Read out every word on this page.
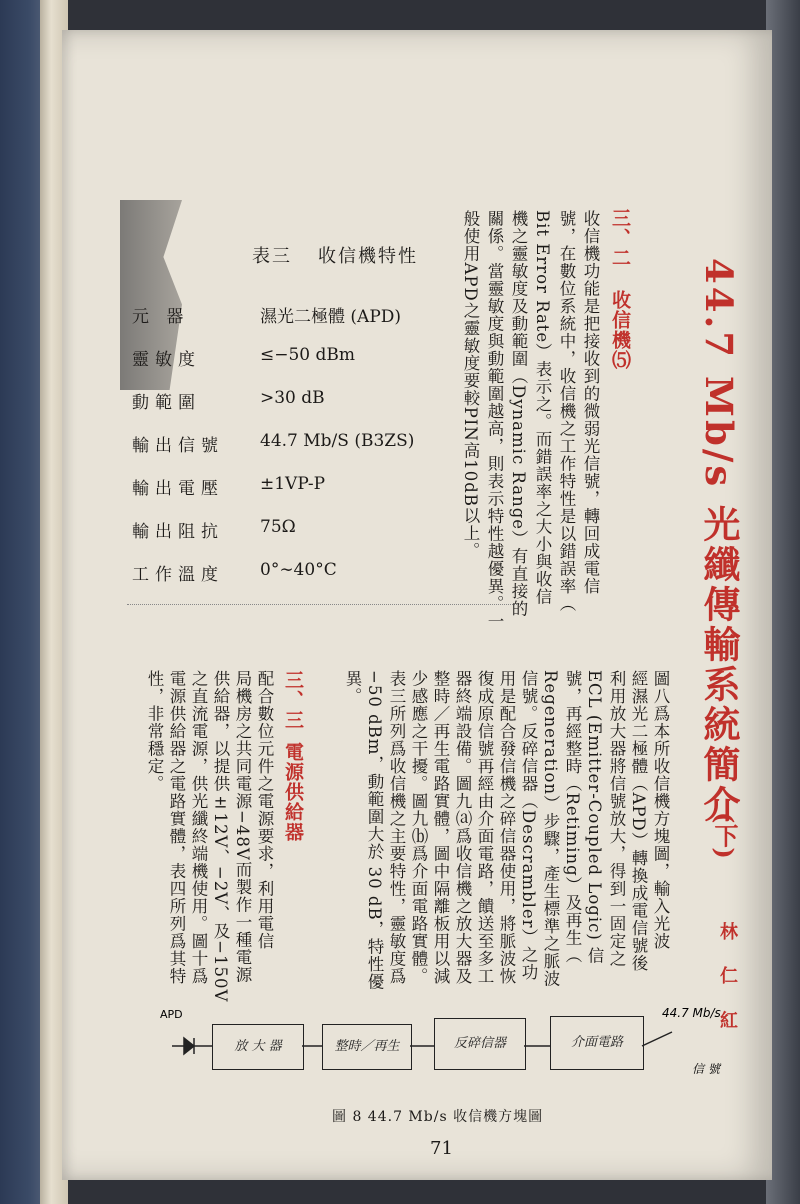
表三 收信機特性
元 器	濕光二極體 (APD)
靈敏度	≤−50 dBm
動範圍	>30 dB
輸出信號	44.7 Mb/S (B3ZS)
輸出電壓	±1VP-P
輸出阻抗	75Ω
工作溫度	0°∼40°C
三、二
收信機⑸
收信機功能是把接收到的微弱光信號，轉回成電信
號，在數位系統中，收信機之工作特性是以錯誤率（
Bit Error Rate）表示之。而錯誤率之大小與收信
機之靈敏度及動範圍（Dynamic Range）有直接的
關係。當靈敏度與動範圍越高，則表示特性越優異。一
般使用APD之靈敏度要較PIN高10dB以上。	44.7 Mb/s 光纖傳輸系統簡介
(下)
林 仁 紅
圖八爲本所收信機方塊圖，輸入光波
經濕光二極體（APD）轉換成電信號後
利用放大器將信號放大，得到一固定之
ECL (Emitter-Coupled Logic) 信
號，再經整時（Retiming）及再生（
Regeneration）步驟，產生標準之脈波
信號。反碎信器（Descrambler）之功
用是配合發信機之碎信器使用，將脈波恢
復成原信號再經由介面電路，饋送至多工
器終端設備。圖九⒜爲收信機之放大器及
整時／再生電路實體，圖中隔離板用以減
少感應之干擾。圖九⒝爲介面電路實體。
表三所列爲收信機之主要特性，靈敏度爲
−50 dBm，動範圍大於 30 dB，特性優
異。
三、三
電源供給器
配合數位元件之電源要求，利用電信
局機房之共同電源−48V而製作一種電源
供給器，以提供±12V、−2V、及−150V
之直流電源，供光纖終端機使用。圖十爲
電源供給器之電路實體，表四所列爲其特
性，非常穩定。
APD
放 大 器	整時／再生	反碎信器	介面電路
44.7 Mb/s
信 號
圖 8 44.7 Mb/s 收信機方塊圖
71
